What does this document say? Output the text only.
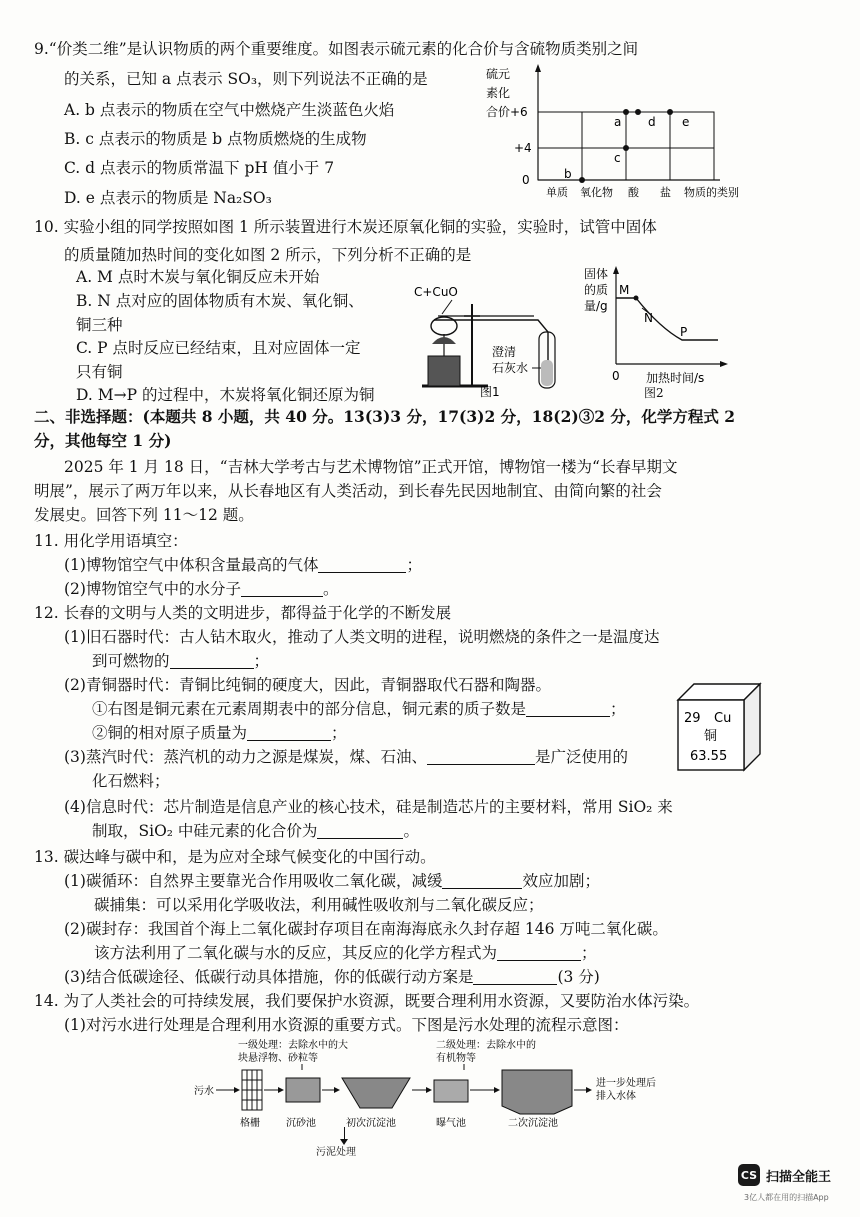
9.“价类二维”是认识物质的两个重要维度。如图表示硫元素的化合价与含硫物质类别之间
的关系，已知 a 点表示 SO₃，则下列说法不正确的是
A. b 点表示的物质在空气中燃烧产生淡蓝色火焰
B. c 点表示的物质是 b 点物质燃烧的生成物
C. d 点表示的物质常温下 pH 值小于 7
D. e 点表示的物质是 Na₂SO₃
硫元
素化
合价 +6
+4
0	b
a
c
d e
单质 氧化物 酸 盐 物质的类别
10. 实验小组的同学按照如图 1 所示装置进行木炭还原氧化铜的实验，实验时，试管中固体
的质量随加热时间的变化如图 2 所示，下列分析不正确的是
A. M 点时木炭与氧化铜反应未开始
B. N 点对应的固体物质有木炭、氧化铜、
铜三种
C. P 点时反应已经结束，且对应固体一定
只有铜
D. M→P 的过程中，木炭将氧化铜还原为铜
C+CuO
澄清
石灰水
图1
固体
的质
量/g
M
N
P
0 加热时间/s
图2
二、非选择题：(本题共 8 小题，共 40 分。13(3)3 分，17(3)2 分，18(2)③2 分，化学方程式 2
分，其他每空 1 分)
2025 年 1 月 18 日，“吉林大学考古与艺术博物馆”正式开馆，博物馆一楼为“长春早期文
明展”，展示了两万年以来，从长春地区有人类活动，到长春先民因地制宜、由简向繁的社会
发展史。回答下列 11～12 题。
11. 用化学用语填空：
(1)博物馆空气中体积含量最高的气体	；
(2)博物馆空气中的水分子	。
12. 长春的文明与人类的文明进步，都得益于化学的不断发展
(1)旧石器时代：古人钻木取火，推动了人类文明的进程，说明燃烧的条件之一是温度达
到可燃物的	；
(2)青铜器时代：青铜比纯铜的硬度大，因此，青铜器取代石器和陶器。
①右图是铜元素在元素周期表中的部分信息，铜元素的质子数是	；
②铜的相对原子质量为	；
(3)蒸汽时代：蒸汽机的动力之源是煤炭，煤、石油、	是广泛使用的
化石燃料；
(4)信息时代：芯片制造是信息产业的核心技术，硅是制造芯片的主要材料，常用 SiO₂ 来
制取，SiO₂ 中硅元素的化合价为	。
29 Cu
铜
63.55
13. 碳达峰与碳中和，是为应对全球气候变化的中国行动。
(1)碳循环：自然界主要靠光合作用吸收二氧化碳，减缓	效应加剧；
碳捕集：可以采用化学吸收法，利用碱性吸收剂与二氧化碳反应；
(2)碳封存：我国首个海上二氧化碳封存项目在南海海底永久封存超 146 万吨二氧化碳。
该方法利用了二氧化碳与水的反应，其反应的化学方程式为	；
(3)结合低碳途径、低碳行动具体措施，你的低碳行动方案是	(3 分)
14. 为了人类社会的可持续发展，我们要保护水资源，既要合理利用水资源，又要防治水体污染。
(1)对污水进行处理是合理利用水资源的重要方式。下图是污水处理的流程示意图：
一级处理：去除水中的大
块悬浮物、砂粒等
二级处理：去除水中的
有机物等
污水
格栅	沉砂池	初次沉淀池	曝气池
进一步处理后
排入水体
二次沉淀池
污泥处理
CS 扫描全能王
3亿人都在用的扫描App
